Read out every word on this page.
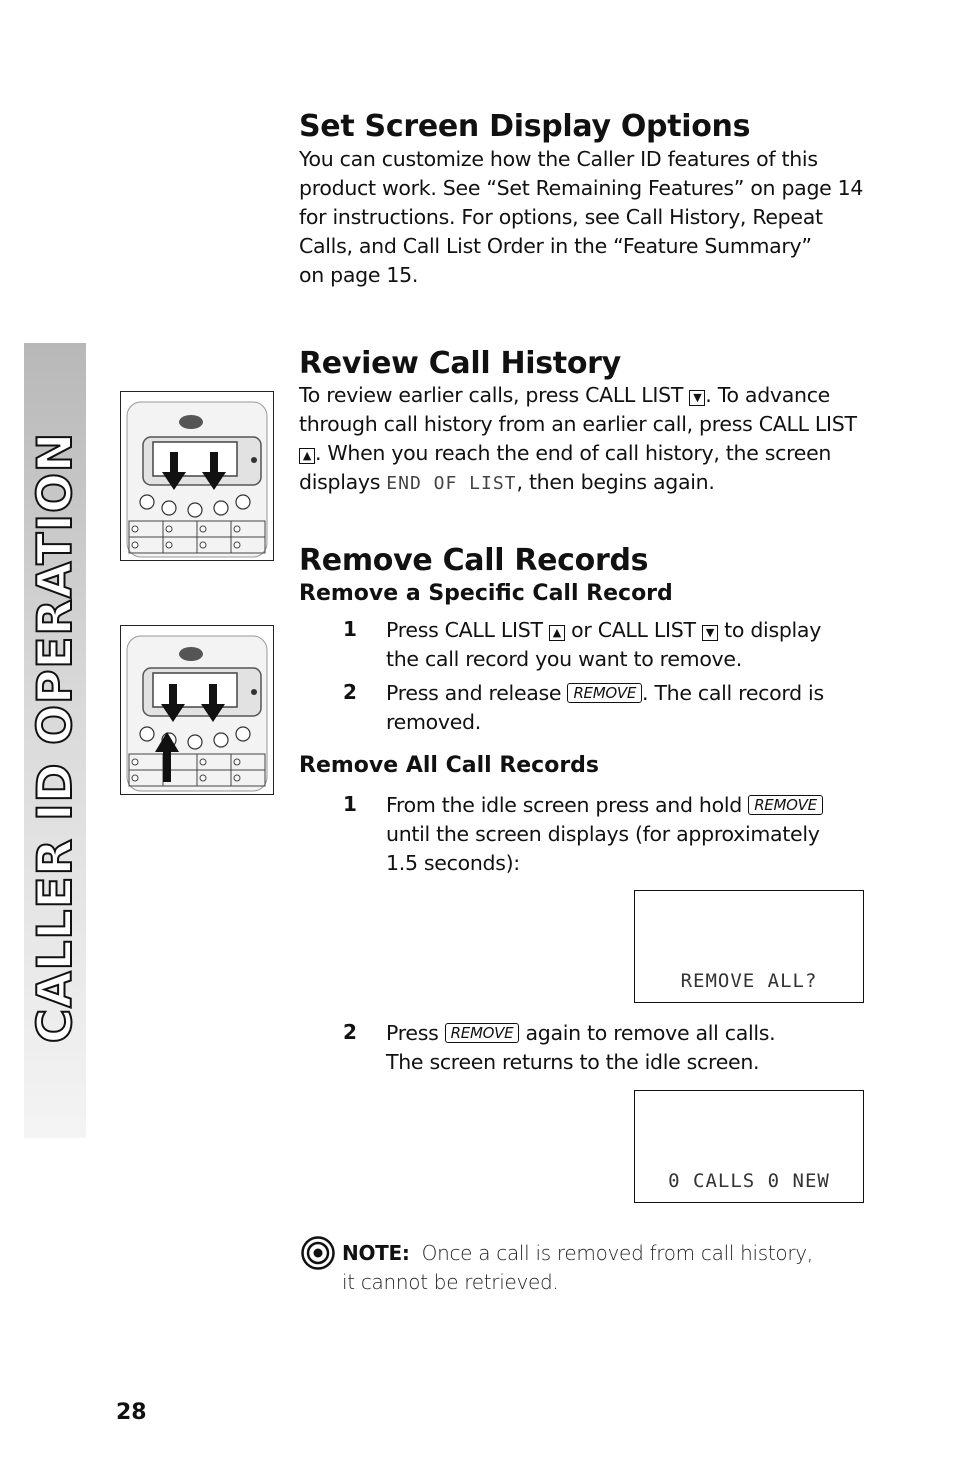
CALLER ID OPERATION
Set Screen Display Options
You can customize how the Caller ID features of this
product work. See “Set Remaining Features” on page 14
for instructions. For options, see Call History, Repeat
Calls, and Call List Order in the “Feature Summary”
on page 15.
Review Call History
To review earlier calls, press CALL LIST ▼ . To advance
through call history from an earlier call, press CALL LIST
▲ . When you reach the end of call history, the screen
displays END OF LIST, then begins again.
Remove Call Records
Remove a Specific Call Record
1 Press CALL LIST ▲ or CALL LIST ▼ to display
the call record you want to remove.
2 Press and release REMOVE . The call record is
removed.
Remove All Call Records
1 From the idle screen press and hold REMOVE
until the screen displays (for approximately
1.5 seconds):
REMOVE ALL?
2 Press REMOVE again to remove all calls.
The screen returns to the idle screen.
0 CALLS 0 NEW
NOTE: Once a call is removed from call history,
it cannot be retrieved.
28
